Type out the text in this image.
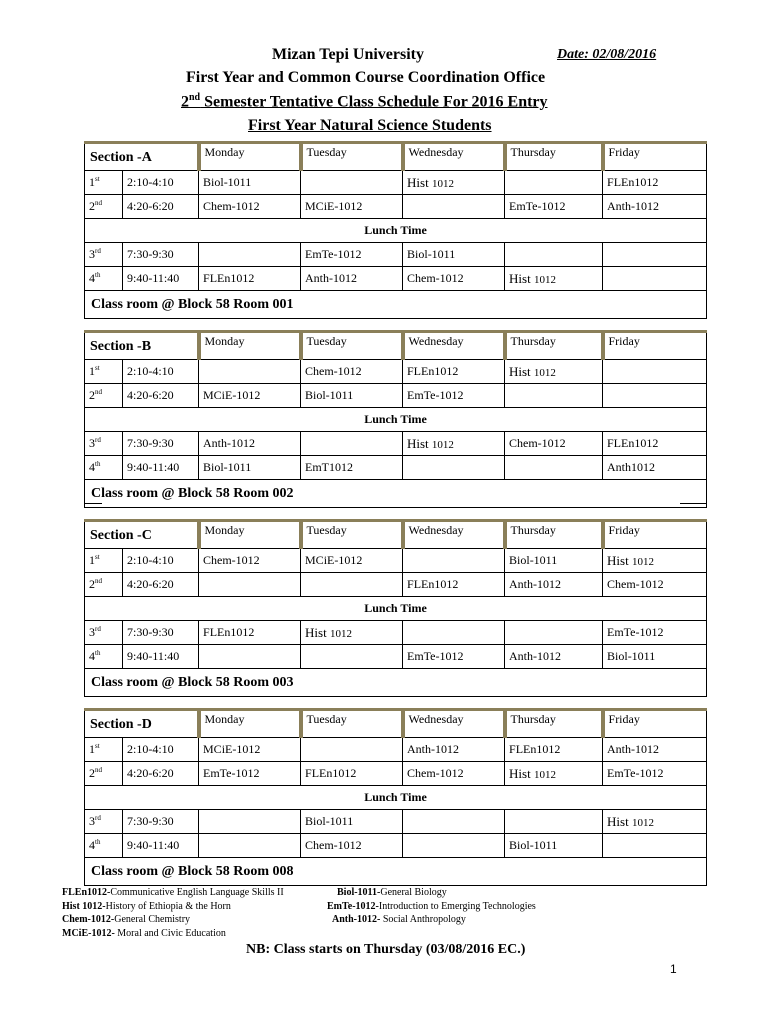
Mizan Tepi University	Date: 02/08/2016
First Year and Common Course Coordination Office
2nd Semester Tentative Class Schedule For 2016 Entry
First Year Natural Science Students
Section -A		Monday	Tuesday	Wednesday	Thursday	Friday
1st	2:10-4:10	Biol-1011		Hist 1012		FLEn1012
2nd	4:20-6:20	Chem-1012	MCiE-1012		EmTe-1012	Anth-1012
Lunch Time						
3rd	7:30-9:30		EmTe-1012	Biol-1011		
4th	9:40-11:40	FLEn1012	Anth-1012	Chem-1012	Hist 1012	
Class room @ Block 58 Room 001						
Section -B		Monday	Tuesday	Wednesday	Thursday	Friday
1st	2:10-4:10		Chem-1012	FLEn1012	Hist 1012	
2nd	4:20-6:20	MCiE-1012	Biol-1011	EmTe-1012		
Lunch Time						
3rd	7:30-9:30	Anth-1012		Hist 1012	Chem-1012	FLEn1012
4th	9:40-11:40	Biol-1011	EmT1012			Anth1012
Class room @ Block 58 Room 002						
Section -C		Monday	Tuesday	Wednesday	Thursday	Friday
1st	2:10-4:10	Chem-1012	MCiE-1012		Biol-1011	Hist 1012
2nd	4:20-6:20			FLEn1012	Anth-1012	Chem-1012
Lunch Time						
3rd	7:30-9:30	FLEn1012	Hist 1012			EmTe-1012
4th	9:40-11:40			EmTe-1012	Anth-1012	Biol-1011
Class room @ Block 58 Room 003						
Section -D		Monday	Tuesday	Wednesday	Thursday	Friday
1st	2:10-4:10	MCiE-1012		Anth-1012	FLEn1012	Anth-1012
2nd	4:20-6:20	EmTe-1012	FLEn1012	Chem-1012	Hist 1012	EmTe-1012
Lunch Time						
3rd	7:30-9:30		Biol-1011			Hist 1012
4th	9:40-11:40		Chem-1012		Biol-1011	
Class room @ Block 58 Room 008						
FLEn1012-Communicative English Language Skills II
Hist 1012-History of Ethiopia & the Horn
Chem-1012-General Chemistry
MCiE-1012- Moral and Civic Education
Biol-1011-General Biology
EmTe-1012-Introduction to Emerging Technologies
Anth-1012- Social Anthropology
NB: Class starts on Thursday (03/08/2016 EC.)
1
